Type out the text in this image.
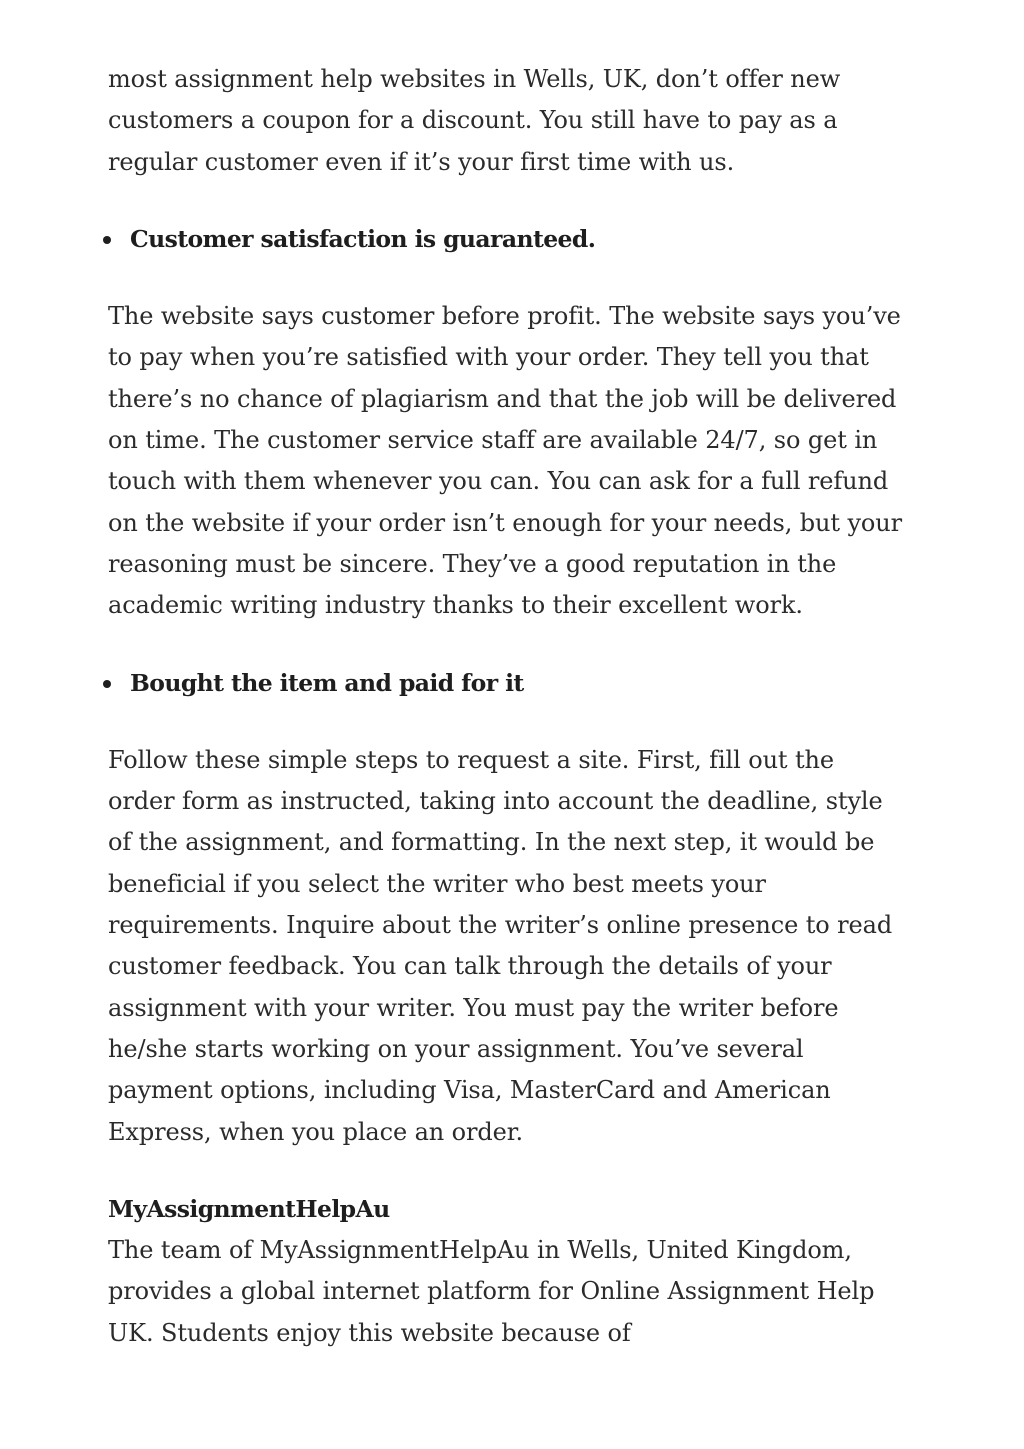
most assignment help websites in Wells, UK, don’t offer new customers a coupon for a discount. You still have to pay as a regular customer even if it’s your first time with us.

Customer satisfaction is guaranteed.

The website says customer before profit. The website says you’ve to pay when you’re satisfied with your order. They tell you that there’s no chance of plagiarism and that the job will be delivered on time. The customer service staff are available 24/7, so get in touch with them whenever you can. You can ask for a full refund on the website if your order isn’t enough for your needs, but your reasoning must be sincere. They’ve a good reputation in the academic writing industry thanks to their excellent work.

Bought the item and paid for it

Follow these simple steps to request a site. First, fill out the order form as instructed, taking into account the deadline, style of the assignment, and formatting. In the next step, it would be beneficial if you select the writer who best meets your requirements. Inquire about the writer’s online presence to read customer feedback. You can talk through the details of your assignment with your writer. You must pay the writer before he/she starts working on your assignment. You’ve several payment options, including Visa, MasterCard and American Express, when you place an order.

MyAssignmentHelpAu

The team of MyAssignmentHelpAu in Wells, United Kingdom, provides a global internet platform for Online Assignment Help UK. Students enjoy this website because of
